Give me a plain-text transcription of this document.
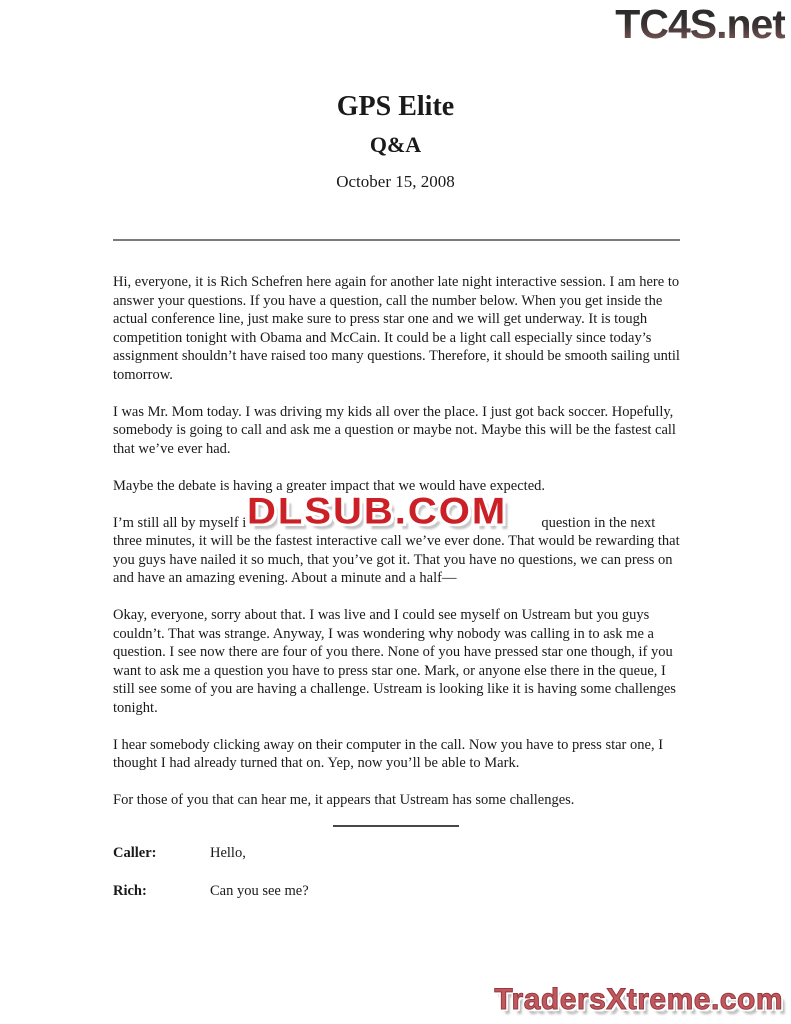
TC4S.net
GPS Elite
Q&A
October 15, 2008

Hi, everyone, it is Rich Schefren here again for another late night interactive session. I am here to answer your questions. If you have a question, call the number below. When you get inside the actual conference line, just make sure to press star one and we will get underway. It is tough competition tonight with Obama and McCain. It could be a light call especially since today’s assignment shouldn’t have raised too many questions. Therefore, it should be smooth sailing until tomorrow.

I was Mr. Mom today. I was driving my kids all over the place. I just got back soccer. Hopefully, somebody is going to call and ask me a question or maybe not. Maybe this will be the fastest call that we’ve ever had.

Maybe the debate is having a greater impact that we would have expected.

I’m still all by myself i	question in the next three minutes, it will be the fastest interactive call we’ve ever done. That would be rewarding that you guys have nailed it so much, that you’ve got it. That you have no questions, we can press on and have an amazing evening. About a minute and a half—
DLSUB.COM

Okay, everyone, sorry about that. I was live and I could see myself on Ustream but you guys couldn’t. That was strange. Anyway, I was wondering why nobody was calling in to ask me a question. I see now there are four of you there. None of you have pressed star one though, if you want to ask me a question you have to press star one. Mark, or anyone else there in the queue, I still see some of you are having a challenge. Ustream is looking like it is having some challenges tonight.

I hear somebody clicking away on their computer in the call. Now you have to press star one, I thought I had already turned that on. Yep, now you’ll be able to Mark.

For those of you that can hear me, it appears that Ustream has some challenges.

Caller:	Hello,
Rich:	Can you see me?
TradersXtreme.com
